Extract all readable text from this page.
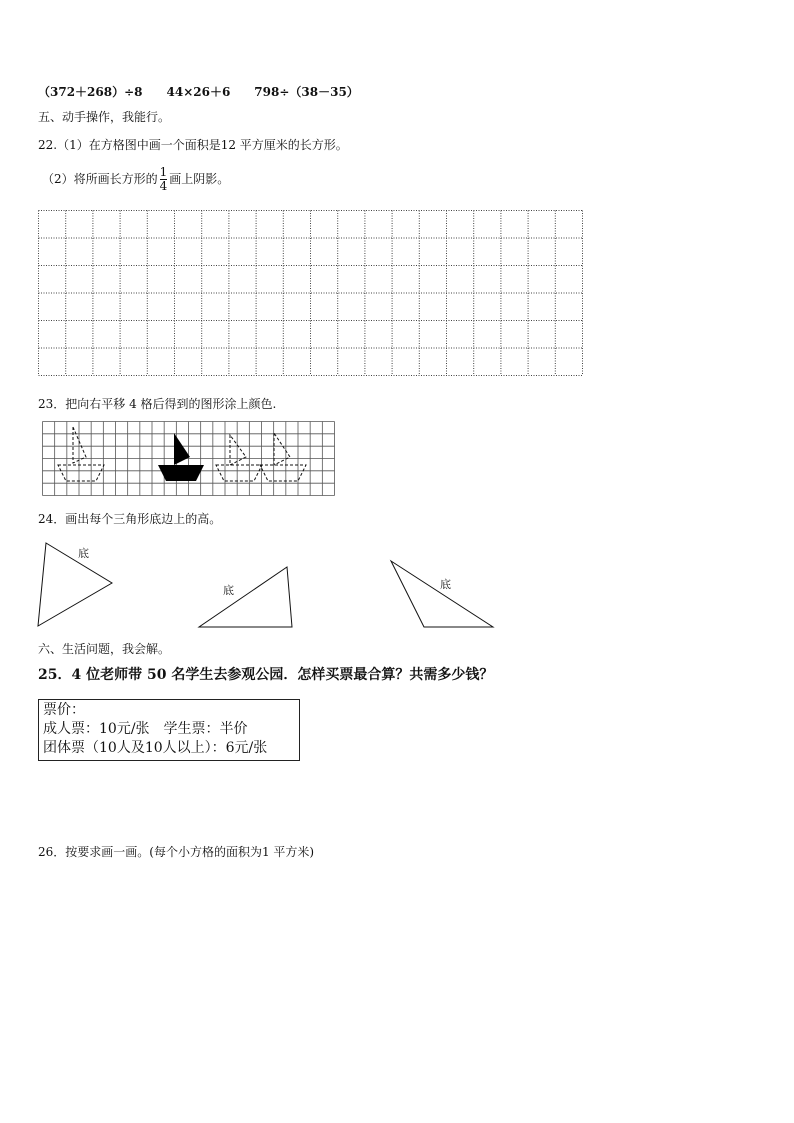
（372＋268）÷8　　44×26＋6　　798÷（38－35）
五、动手操作，我能行。
22.（1）在方格图中画一个面积是12 平方厘米的长方形。
（2）将所画长方形的 $\frac{1}{4}$ 画上阴影。
23．把向右平移 4 格后得到的图形涂上颜色.
24．画出每个三角形底边上的高。
底
底	底
六、生活问题，我会解。
25．4 位老师带 50 名学生去参观公园．怎样买票最合算？共需多少钱？
票价：
成人票：10元/张　学生票：半价
团体票（10人及10人以上）：6元/张
26．按要求画一画。(每个小方格的面积为1 平方米)
